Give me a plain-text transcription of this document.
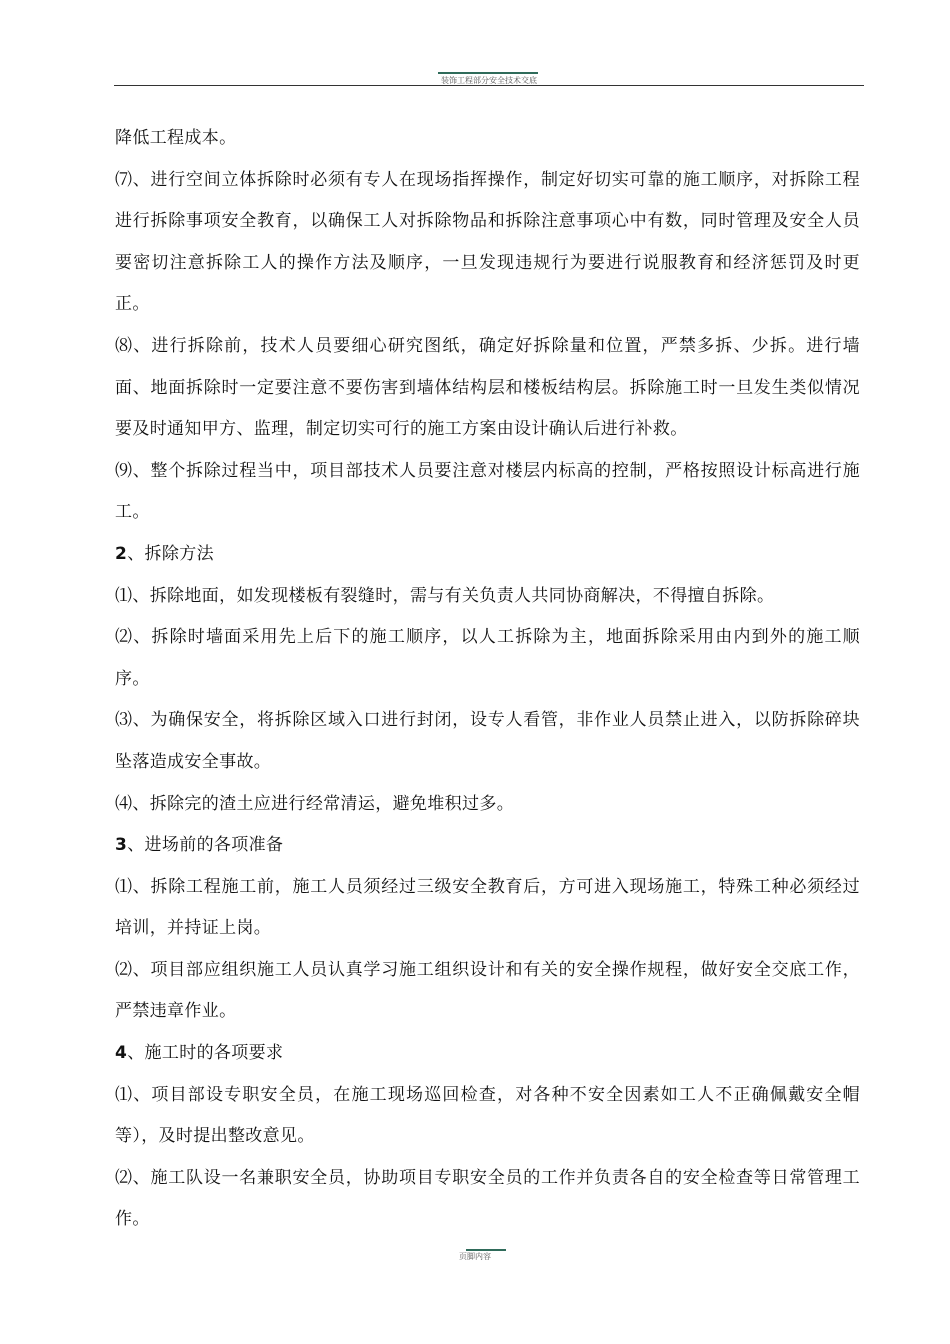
装饰工程部分安全技术交底

降低工程成本。

⑺、进行空间立体拆除时必须有专人在现场指挥操作，制定好切实可靠的施工顺序，对拆除工程进行拆除事项安全教育，以确保工人对拆除物品和拆除注意事项心中有数，同时管理及安全人员要密切注意拆除工人的操作方法及顺序，一旦发现违规行为要进行说服教育和经济惩罚及时更正。

⑻、进行拆除前，技术人员要细心研究图纸，确定好拆除量和位置，严禁多拆、少拆。进行墙面、地面拆除时一定要注意不要伤害到墙体结构层和楼板结构层。拆除施工时一旦发生类似情况要及时通知甲方、监理，制定切实可行的施工方案由设计确认后进行补救。

⑼、整个拆除过程当中，项目部技术人员要注意对楼层内标高的控制，严格按照设计标高进行施工。

2、拆除方法

⑴、拆除地面，如发现楼板有裂缝时，需与有关负责人共同协商解决，不得擅自拆除。

⑵、拆除时墙面采用先上后下的施工顺序，以人工拆除为主，地面拆除采用由内到外的施工顺序。

⑶、为确保安全，将拆除区域入口进行封闭，设专人看管，非作业人员禁止进入，以防拆除碎块坠落造成安全事故。

⑷、拆除完的渣土应进行经常清运，避免堆积过多。

3、进场前的各项准备

⑴、拆除工程施工前，施工人员须经过三级安全教育后，方可进入现场施工，特殊工种必须经过培训，并持证上岗。

⑵、项目部应组织施工人员认真学习施工组织设计和有关的安全操作规程，做好安全交底工作，严禁违章作业。

4、施工时的各项要求

⑴、项目部设专职安全员，在施工现场巡回检查，对各种不安全因素如工人不正确佩戴安全帽等），及时提出整改意见。

⑵、施工队设一名兼职安全员，协助项目专职安全员的工作并负责各自的安全检查等日常管理工作。

页脚内容
